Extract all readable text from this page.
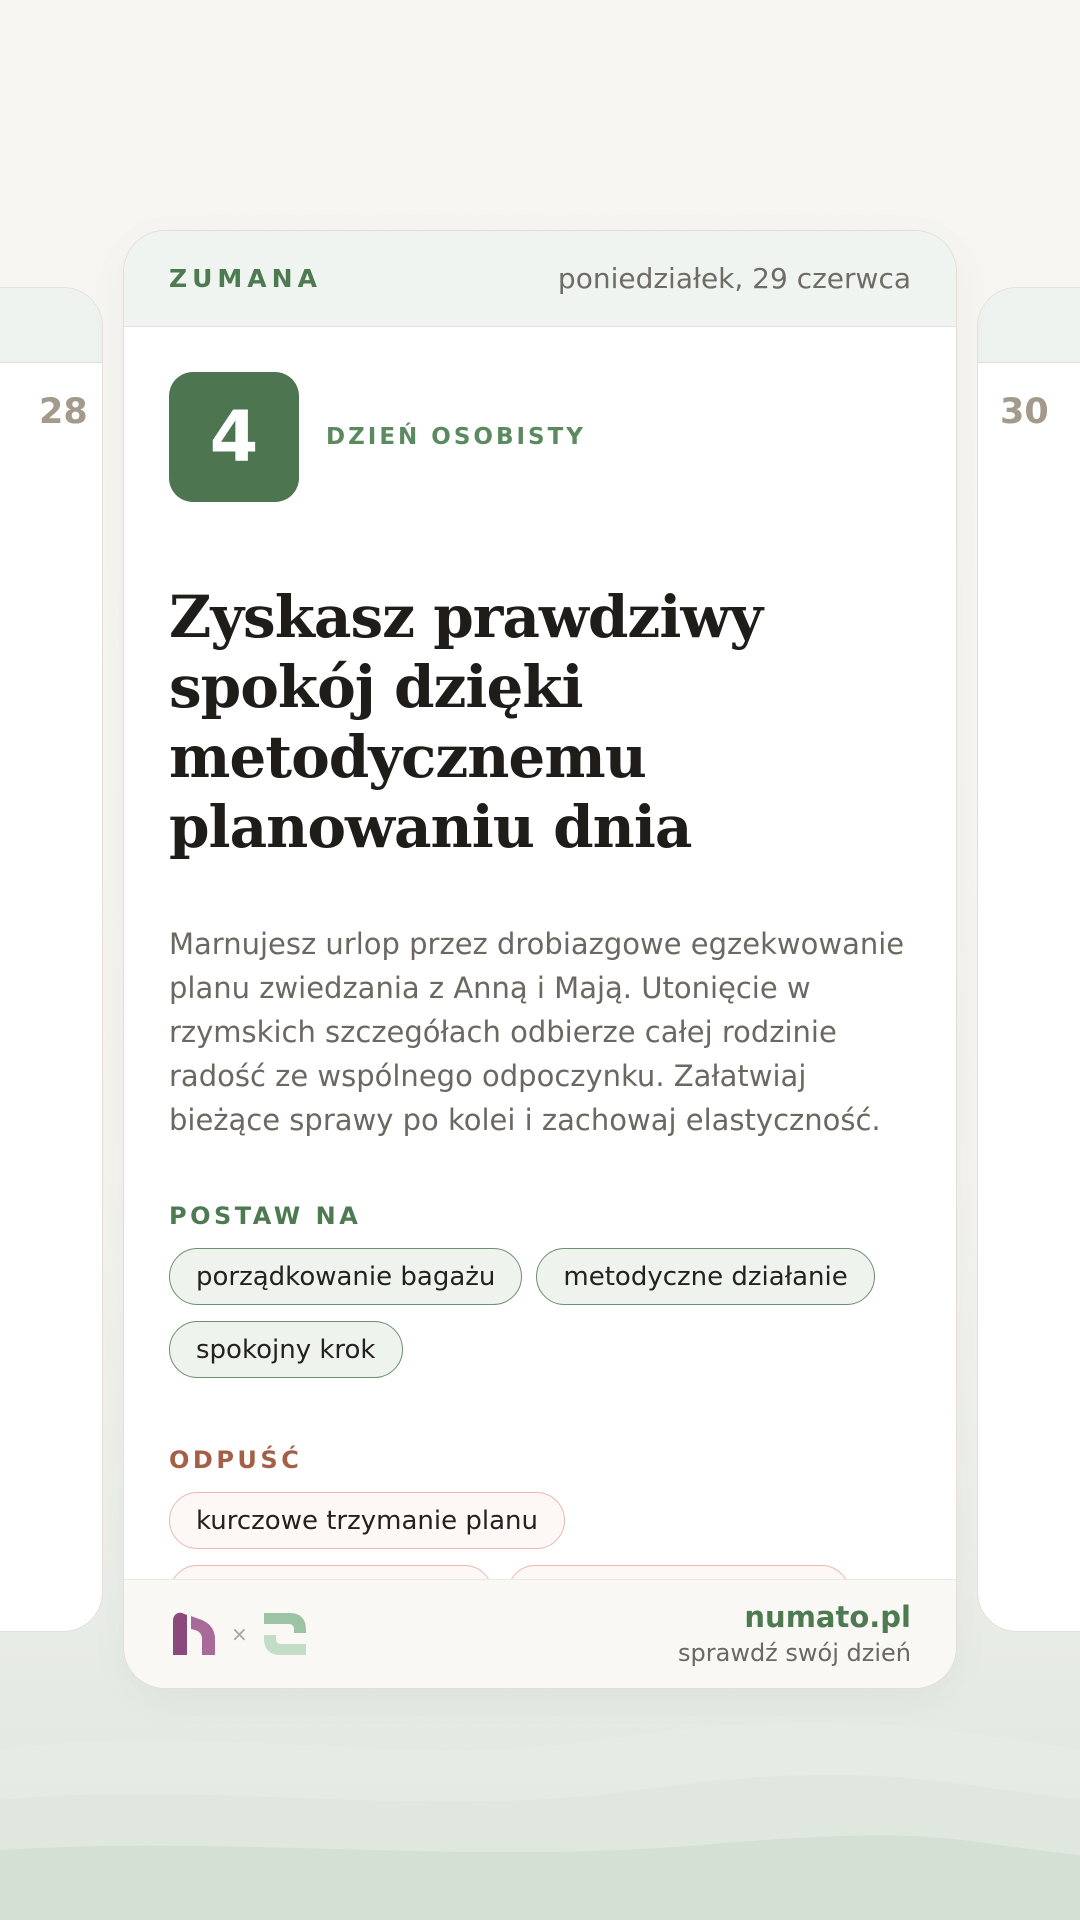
28	30
ZUMANA	poniedziałek, 29 czerwca
4	DZIEŃ OSOBISTY
Zyskasz prawdziwy spokój dzięki metodycznemu planowaniu dnia

Marnujesz urlop przez drobiazgowe egzekwowanie planu zwiedzania z Anną i Mają. Utonięcie w rzymskich szczegółach odbierze całej rodzinie radość ze wspólnego odpoczynku. Załatwiaj bieżące sprawy po kolei i zachowaj elastyczność.

POSTAW NA
porządkowanie bagażu	metodyczne działanie
spokojny krok
ODPUŚĆ
kurczowe trzymanie planu
×	numato.pl
sprawdź swój dzień
